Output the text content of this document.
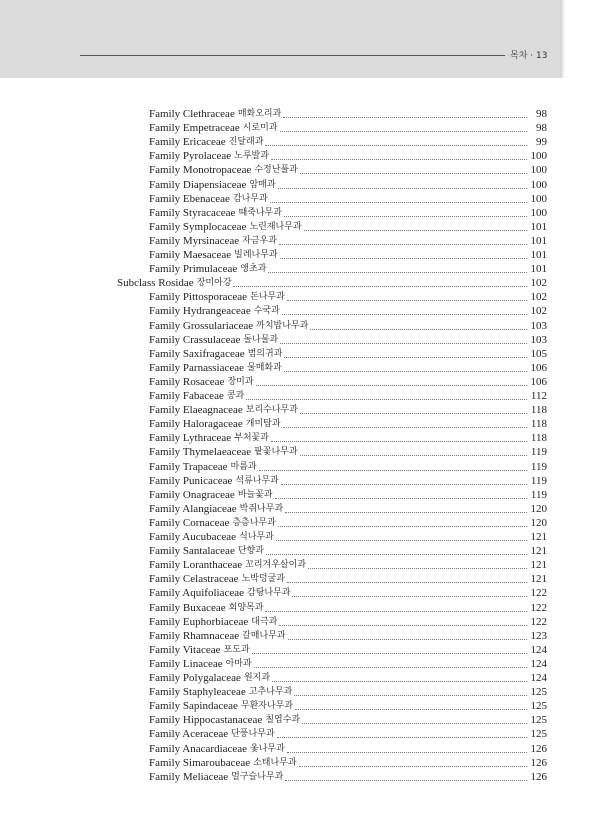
목차 · 13
Family Clethraceae 매화오리과	98
Family Empetraceae 시로미과	98
Family Ericaceae 진달래과	99
Family Pyrolaceae 노루발과	100
Family Monotropaceae 수정난풀과	100
Family Diapensiaceae 암매과	100
Family Ebenaceae 감나무과	100
Family Styracaceae 때죽나무과	100
Family Symplocaceae 노린재나무과	101
Family Myrsinaceae 자금우과	101
Family Maesaceae 빌레나무과	101
Family Primulaceae 앵초과	101
Subclass Rosidae 장미아강	102
Family Pittosporaceae 돈나무과	102
Family Hydrangeaceae 수국과	102
Family Grossulariaceae 까치밥나무과	103
Family Crassulaceae 돌나물과	103
Family Saxifragaceae 범의귀과	105
Family Parnassiaceae 물매화과	106
Family Rosaceae 장미과	106
Family Fabaceae 콩과	112
Family Elaeagnaceae 보리수나무과	118
Family Haloragaceae 개미탑과	118
Family Lythraceae 부처꽃과	118
Family Thymelaeaceae 팥꽃나무과	119
Family Trapaceae 마름과	119
Family Punicaceae 석류나무과	119
Family Onagraceae 바늘꽃과	119
Family Alangiaceae 박쥐나무과	120
Family Cornaceae 층층나무과	120
Family Aucubaceae 식나무과	121
Family Santalaceae 단향과	121
Family Loranthaceae 꼬리겨우살이과	121
Family Celastraceae 노박덩굴과	121
Family Aquifoliaceae 감탕나무과	122
Family Buxaceae 회양목과	122
Family Euphorbiaceae 대극과	122
Family Rhamnaceae 갈매나무과	123
Family Vitaceae 포도과	124
Family Linaceae 아마과	124
Family Polygalaceae 원지과	124
Family Staphyleaceae 고추나무과	125
Family Sapindaceae 무환자나무과	125
Family Hippocastanaceae 칠엽수과	125
Family Aceraceae 단풍나무과	125
Family Anacardiaceae 옻나무과	126
Family Simaroubaceae 소태나무과	126
Family Meliaceae 멀구슬나무과	126
